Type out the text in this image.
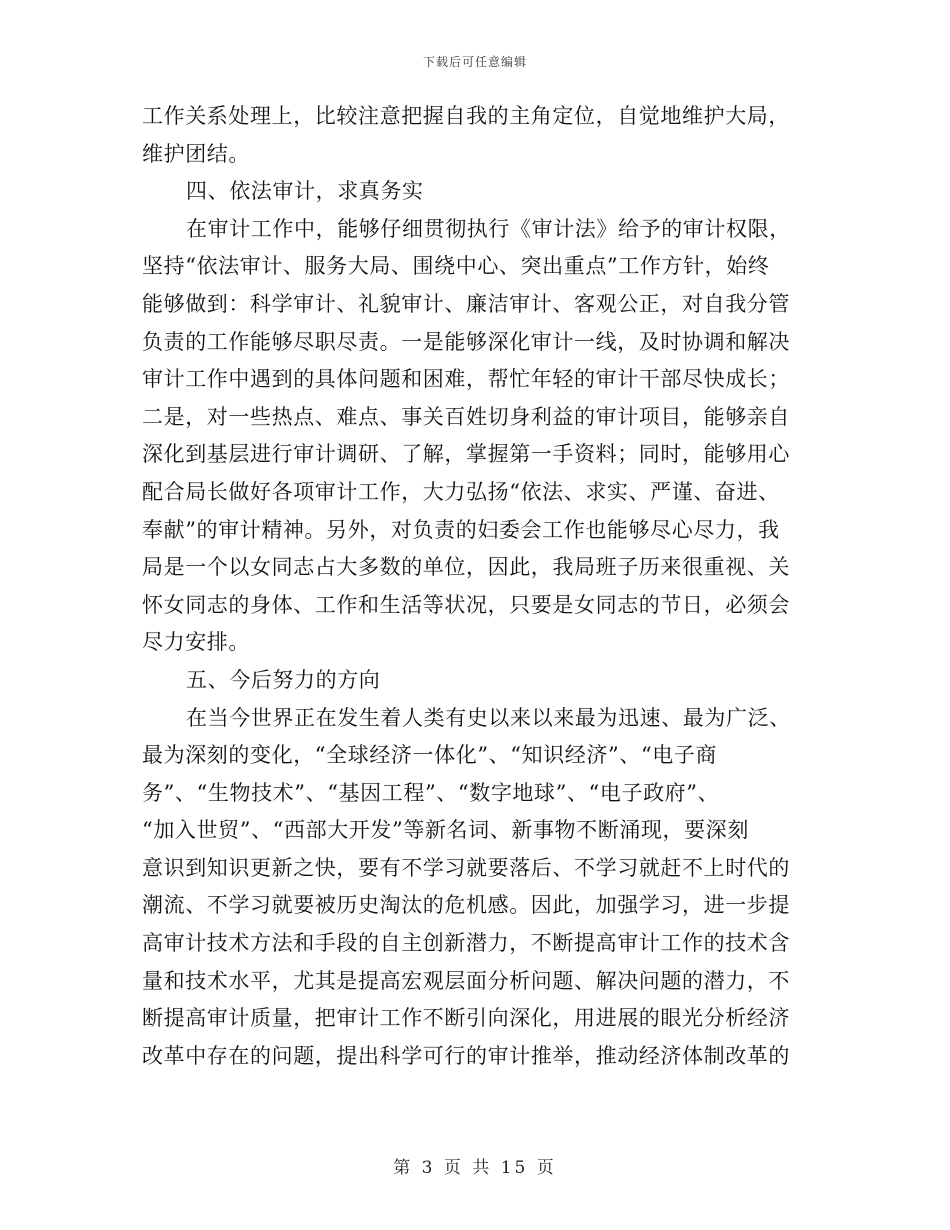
下载后可任意编辑
工作关系处理上，比较注意把握自我的主角定位，自觉地维护大局，
维护团结。
四、依法审计，求真务实
在审计工作中，能够仔细贯彻执行《审计法》给予的审计权限，
坚持“依法审计、服务大局、围绕中心、突出重点”工作方针，始终
能够做到：科学审计、礼貌审计、廉洁审计、客观公正，对自我分管
负责的工作能够尽职尽责。一是能够深化审计一线，及时协调和解决
审计工作中遇到的具体问题和困难，帮忙年轻的审计干部尽快成长；
二是，对一些热点、难点、事关百姓切身利益的审计项目，能够亲自
深化到基层进行审计调研、了解，掌握第一手资料；同时，能够用心
配合局长做好各项审计工作，大力弘扬“依法、求实、严谨、奋进、
奉献”的审计精神。另外，对负责的妇委会工作也能够尽心尽力，我
局是一个以女同志占大多数的单位，因此，我局班子历来很重视、关
怀女同志的身体、工作和生活等状况，只要是女同志的节日，必须会
尽力安排。
五、今后努力的方向
在当今世界正在发生着人类有史以来以来最为迅速、最为广泛、
最为深刻的变化，“全球经济一体化”、“知识经济”、“电子商
务”、“生物技术”、“基因工程”、“数字地球”、“电子政府”、
“加入世贸”、“西部大开发”等新名词、新事物不断涌现，要深刻
意识到知识更新之快，要有不学习就要落后、不学习就赶不上时代的
潮流、不学习就要被历史淘汰的危机感。因此，加强学习，进一步提
高审计技术方法和手段的自主创新潜力，不断提高审计工作的技术含
量和技术水平，尤其是提高宏观层面分析问题、解决问题的潜力，不
断提高审计质量，把审计工作不断引向深化，用进展的眼光分析经济
改革中存在的问题，提出科学可行的审计推举，推动经济体制改革的
第 3 页 共 15 页
